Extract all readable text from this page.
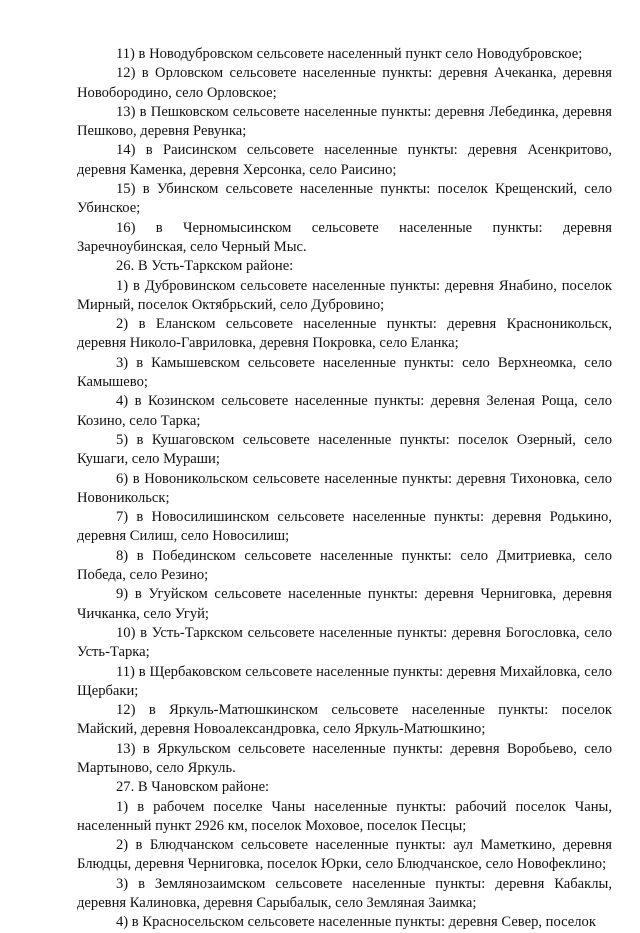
11) в Новодубровском сельсовете населенный пункт село Новодубровское;

12) в Орловском сельсовете населенные пункты: деревня Ачеканка, деревня Новобородино, село Орловское;

13) в Пешковском сельсовете населенные пункты: деревня Лебединка, деревня Пешково, деревня Ревунка;

14) в Раисинском сельсовете населенные пункты: деревня Асенкритово, деревня Каменка, деревня Херсонка, село Раисино;

15) в Убинском сельсовете населенные пункты: поселок Крещенский, село Убинское;

16) в Черномысинском сельсовете населенные пункты: деревня Заречноубинская, село Черный Мыс.

26. В Усть-Таркском районе:

1) в Дубровинском сельсовете населенные пункты: деревня Янабино, поселок Мирный, поселок Октябрьский, село Дубровино;

2) в Еланском сельсовете населенные пункты: деревня Красноникольск, деревня Николо-Гавриловка, деревня Покровка, село Еланка;

3) в Камышевском сельсовете населенные пункты: село Верхнеомка, село Камышево;

4) в Козинском сельсовете населенные пункты: деревня Зеленая Роща, село Козино, село Тарка;

5) в Кушаговском сельсовете населенные пункты: поселок Озерный, село Кушаги, село Мураши;

6) в Новоникольском сельсовете населенные пункты: деревня Тихоновка, село Новоникольск;

7) в Новосилишинском сельсовете населенные пункты: деревня Родькино, деревня Силиш, село Новосилиш;

8) в Побединском сельсовете населенные пункты: село Дмитриевка, село Победа, село Резино;

9) в Угуйском сельсовете населенные пункты: деревня Черниговка, деревня Чичканка, село Угуй;

10) в Усть-Таркском сельсовете населенные пункты: деревня Богословка, село Усть-Тарка;

11) в Щербаковском сельсовете населенные пункты: деревня Михайловка, село Щербаки;

12) в Яркуль-Матюшкинском сельсовете населенные пункты: поселок Майский, деревня Новоалександровка, село Яркуль-Матюшкино;

13) в Яркульском сельсовете населенные пункты: деревня Воробьево, село Мартыново, село Яркуль.

27. В Чановском районе:

1) в рабочем поселке Чаны населенные пункты: рабочий поселок Чаны, населенный пункт 2926 км, поселок Моховое, поселок Песцы;

2) в Блюдчанском сельсовете населенные пункты: аул Маметкино, деревня Блюдцы, деревня Черниговка, поселок Юрки, село Блюдчанское, село Новофеклино;

3) в Землянозаимском сельсовете населенные пункты: деревня Кабаклы, деревня Калиновка, деревня Сарыбалык, село Земляная Заимка;

4) в Красносельском сельсовете населенные пункты: деревня Север, поселок
